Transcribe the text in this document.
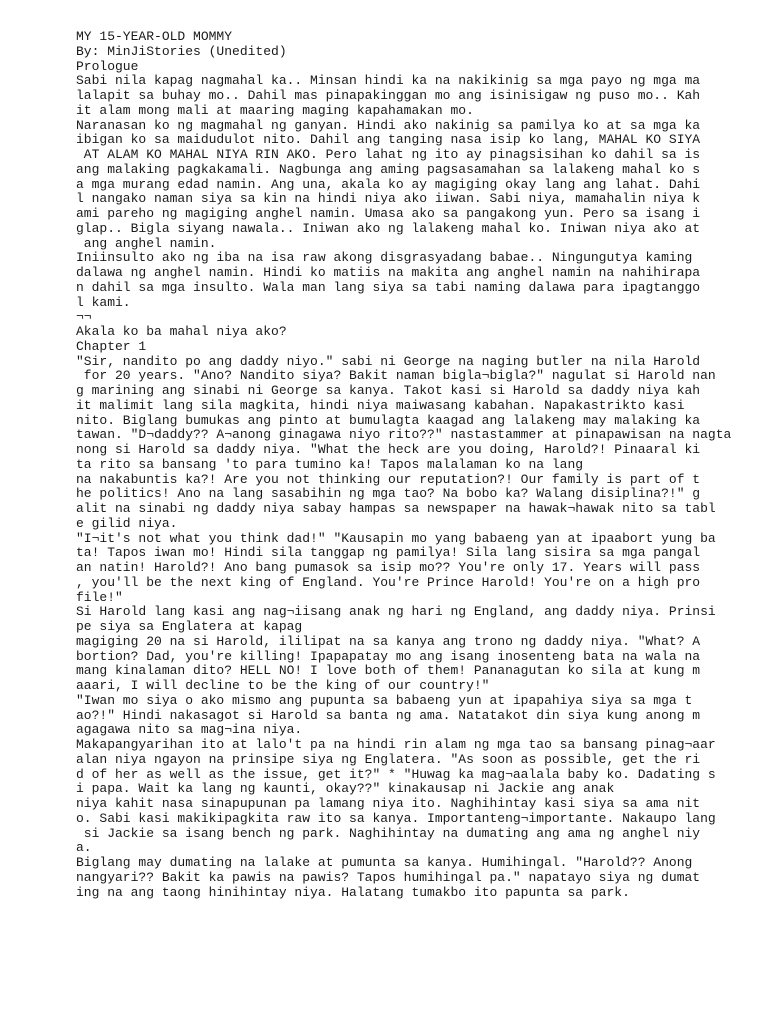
MY 15-YEAR-OLD MOMMY
By: MinJiStories (Unedited)
Prologue
Sabi nila kapag nagmahal ka.. Minsan hindi ka na nakikinig sa mga payo ng mga ma
lalapit sa buhay mo.. Dahil mas pinapakinggan mo ang isinisigaw ng puso mo.. Kah
it alam mong mali at maaring maging kapahamakan mo.
Naranasan ko ng magmahal ng ganyan. Hindi ako nakinig sa pamilya ko at sa mga ka
ibigan ko sa maidudulot nito. Dahil ang tanging nasa isip ko lang, MAHAL KO SIYA
AT ALAM KO MAHAL NIYA RIN AKO. Pero lahat ng ito ay pinagsisihan ko dahil sa is
ang malaking pagkakamali. Nagbunga ang aming pagsasamahan sa lalakeng mahal ko s
a mga murang edad namin. Ang una, akala ko ay magiging okay lang ang lahat. Dahi
l nangako naman siya sa kin na hindi niya ako iiwan. Sabi niya, mamahalin niya k
ami pareho ng magiging anghel namin. Umasa ako sa pangakong yun. Pero sa isang i
glap.. Bigla siyang nawala.. Iniwan ako ng lalakeng mahal ko. Iniwan niya ako at
ang anghel namin.
Iniinsulto ako ng iba na isa raw akong disgrasyadang babae.. Ningungutya kaming
dalawa ng anghel namin. Hindi ko matiis na makita ang anghel namin na nahihirapa
n dahil sa mga insulto. Wala man lang siya sa tabi naming dalawa para ipagtanggo
l kami.
¬¬
Akala ko ba mahal niya ako?
Chapter 1
"Sir, nandito po ang daddy niyo." sabi ni George na naging butler na nila Harold
for 20 years. "Ano? Nandito siya? Bakit naman bigla¬bigla?" nagulat si Harold nan
g marining ang sinabi ni George sa kanya. Takot kasi si Harold sa daddy niya kah
it malimit lang sila magkita, hindi niya maiwasang kabahan. Napakastrikto kasi
nito. Biglang bumukas ang pinto at bumulagta kaagad ang lalakeng may malaking ka
tawan. "D¬daddy?? A¬anong ginagawa niyo rito??" nastastammer at pinapawisan na nagta
nong si Harold sa daddy niya. "What the heck are you doing, Harold?! Pinaaral ki
ta rito sa bansang 'to para tumino ka! Tapos malalaman ko na lang
na nakabuntis ka?! Are you not thinking our reputation?! Our family is part of t
he politics! Ano na lang sasabihin ng mga tao? Na bobo ka? Walang disiplina?!" g
alit na sinabi ng daddy niya sabay hampas sa newspaper na hawak¬hawak nito sa tabl
e gilid niya.
"I¬it's not what you think dad!" "Kausapin mo yang babaeng yan at ipaabort yung ba
ta! Tapos iwan mo! Hindi sila tanggap ng pamilya! Sila lang sisira sa mga pangal
an natin! Harold?! Ano bang pumasok sa isip mo?? You're only 17. Years will pass
, you'll be the next king of England. You're Prince Harold! You're on a high pro
file!"
Si Harold lang kasi ang nag¬iisang anak ng hari ng England, ang daddy niya. Prinsi
pe siya sa Englatera at kapag
magiging 20 na si Harold, ililipat na sa kanya ang trono ng daddy niya. "What? A
bortion? Dad, you're killing! Ipapapatay mo ang isang inosenteng bata na wala na
mang kinalaman dito? HELL NO! I love both of them! Pananagutan ko sila at kung m
aaari, I will decline to be the king of our country!"
"Iwan mo siya o ako mismo ang pupunta sa babaeng yun at ipapahiya siya sa mga t
ao?!" Hindi nakasagot si Harold sa banta ng ama. Natatakot din siya kung anong m
agagawa nito sa mag¬ina niya.
Makapangyarihan ito at lalo't pa na hindi rin alam ng mga tao sa bansang pinag¬aar
alan niya ngayon na prinsipe siya ng Englatera. "As soon as possible, get the ri
d of her as well as the issue, get it?" * "Huwag ka mag¬aalala baby ko. Dadating s
i papa. Wait ka lang ng kaunti, okay??" kinakausap ni Jackie ang anak
niya kahit nasa sinapupunan pa lamang niya ito. Naghihintay kasi siya sa ama nit
o. Sabi kasi makikipagkita raw ito sa kanya. Importanteng¬importante. Nakaupo lang
si Jackie sa isang bench ng park. Naghihintay na dumating ang ama ng anghel niy
a.
Biglang may dumating na lalake at pumunta sa kanya. Humihingal. "Harold?? Anong
nangyari?? Bakit ka pawis na pawis? Tapos humihingal pa." napatayo siya ng dumat
ing na ang taong hinihintay niya. Halatang tumakbo ito papunta sa park.
